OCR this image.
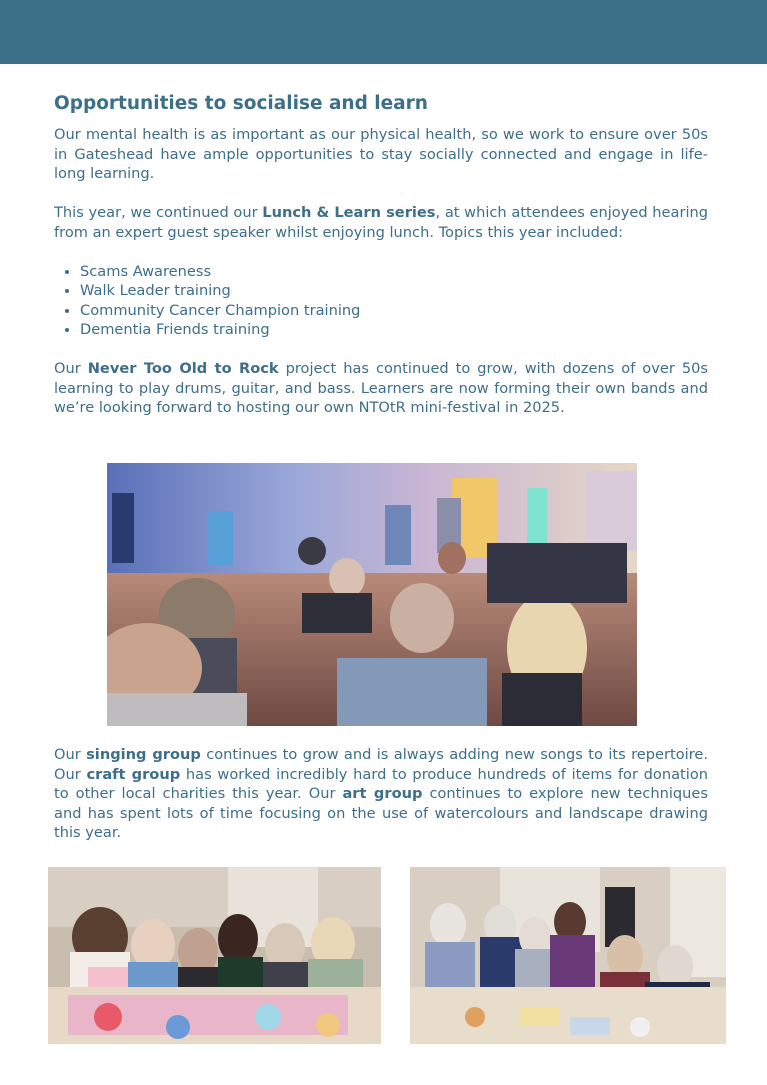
Opportunities to socialise and learn

Our mental health is as important as our physical health, so we work to ensure over 50s in Gateshead have ample opportunities to stay socially connected and engage in life-long learning.

This year, we continued our Lunch & Learn series, at which attendees enjoyed hearing from an expert guest speaker whilst enjoying lunch. Topics this year included:

• Scams Awareness
• Walk Leader training
• Community Cancer Champion training
• Dementia Friends training

Our Never Too Old to Rock project has continued to grow, with dozens of over 50s learning to play drums, guitar, and bass. Learners are now forming their own bands and we’re looking forward to hosting our own NTOtR mini-festival in 2025.

Our singing group continues to grow and is always adding new songs to its repertoire. Our craft group has worked incredibly hard to produce hundreds of items for donation to other local charities this year. Our art group continues to explore new techniques and has spent lots of time focusing on the use of watercolours and landscape drawing this year.
